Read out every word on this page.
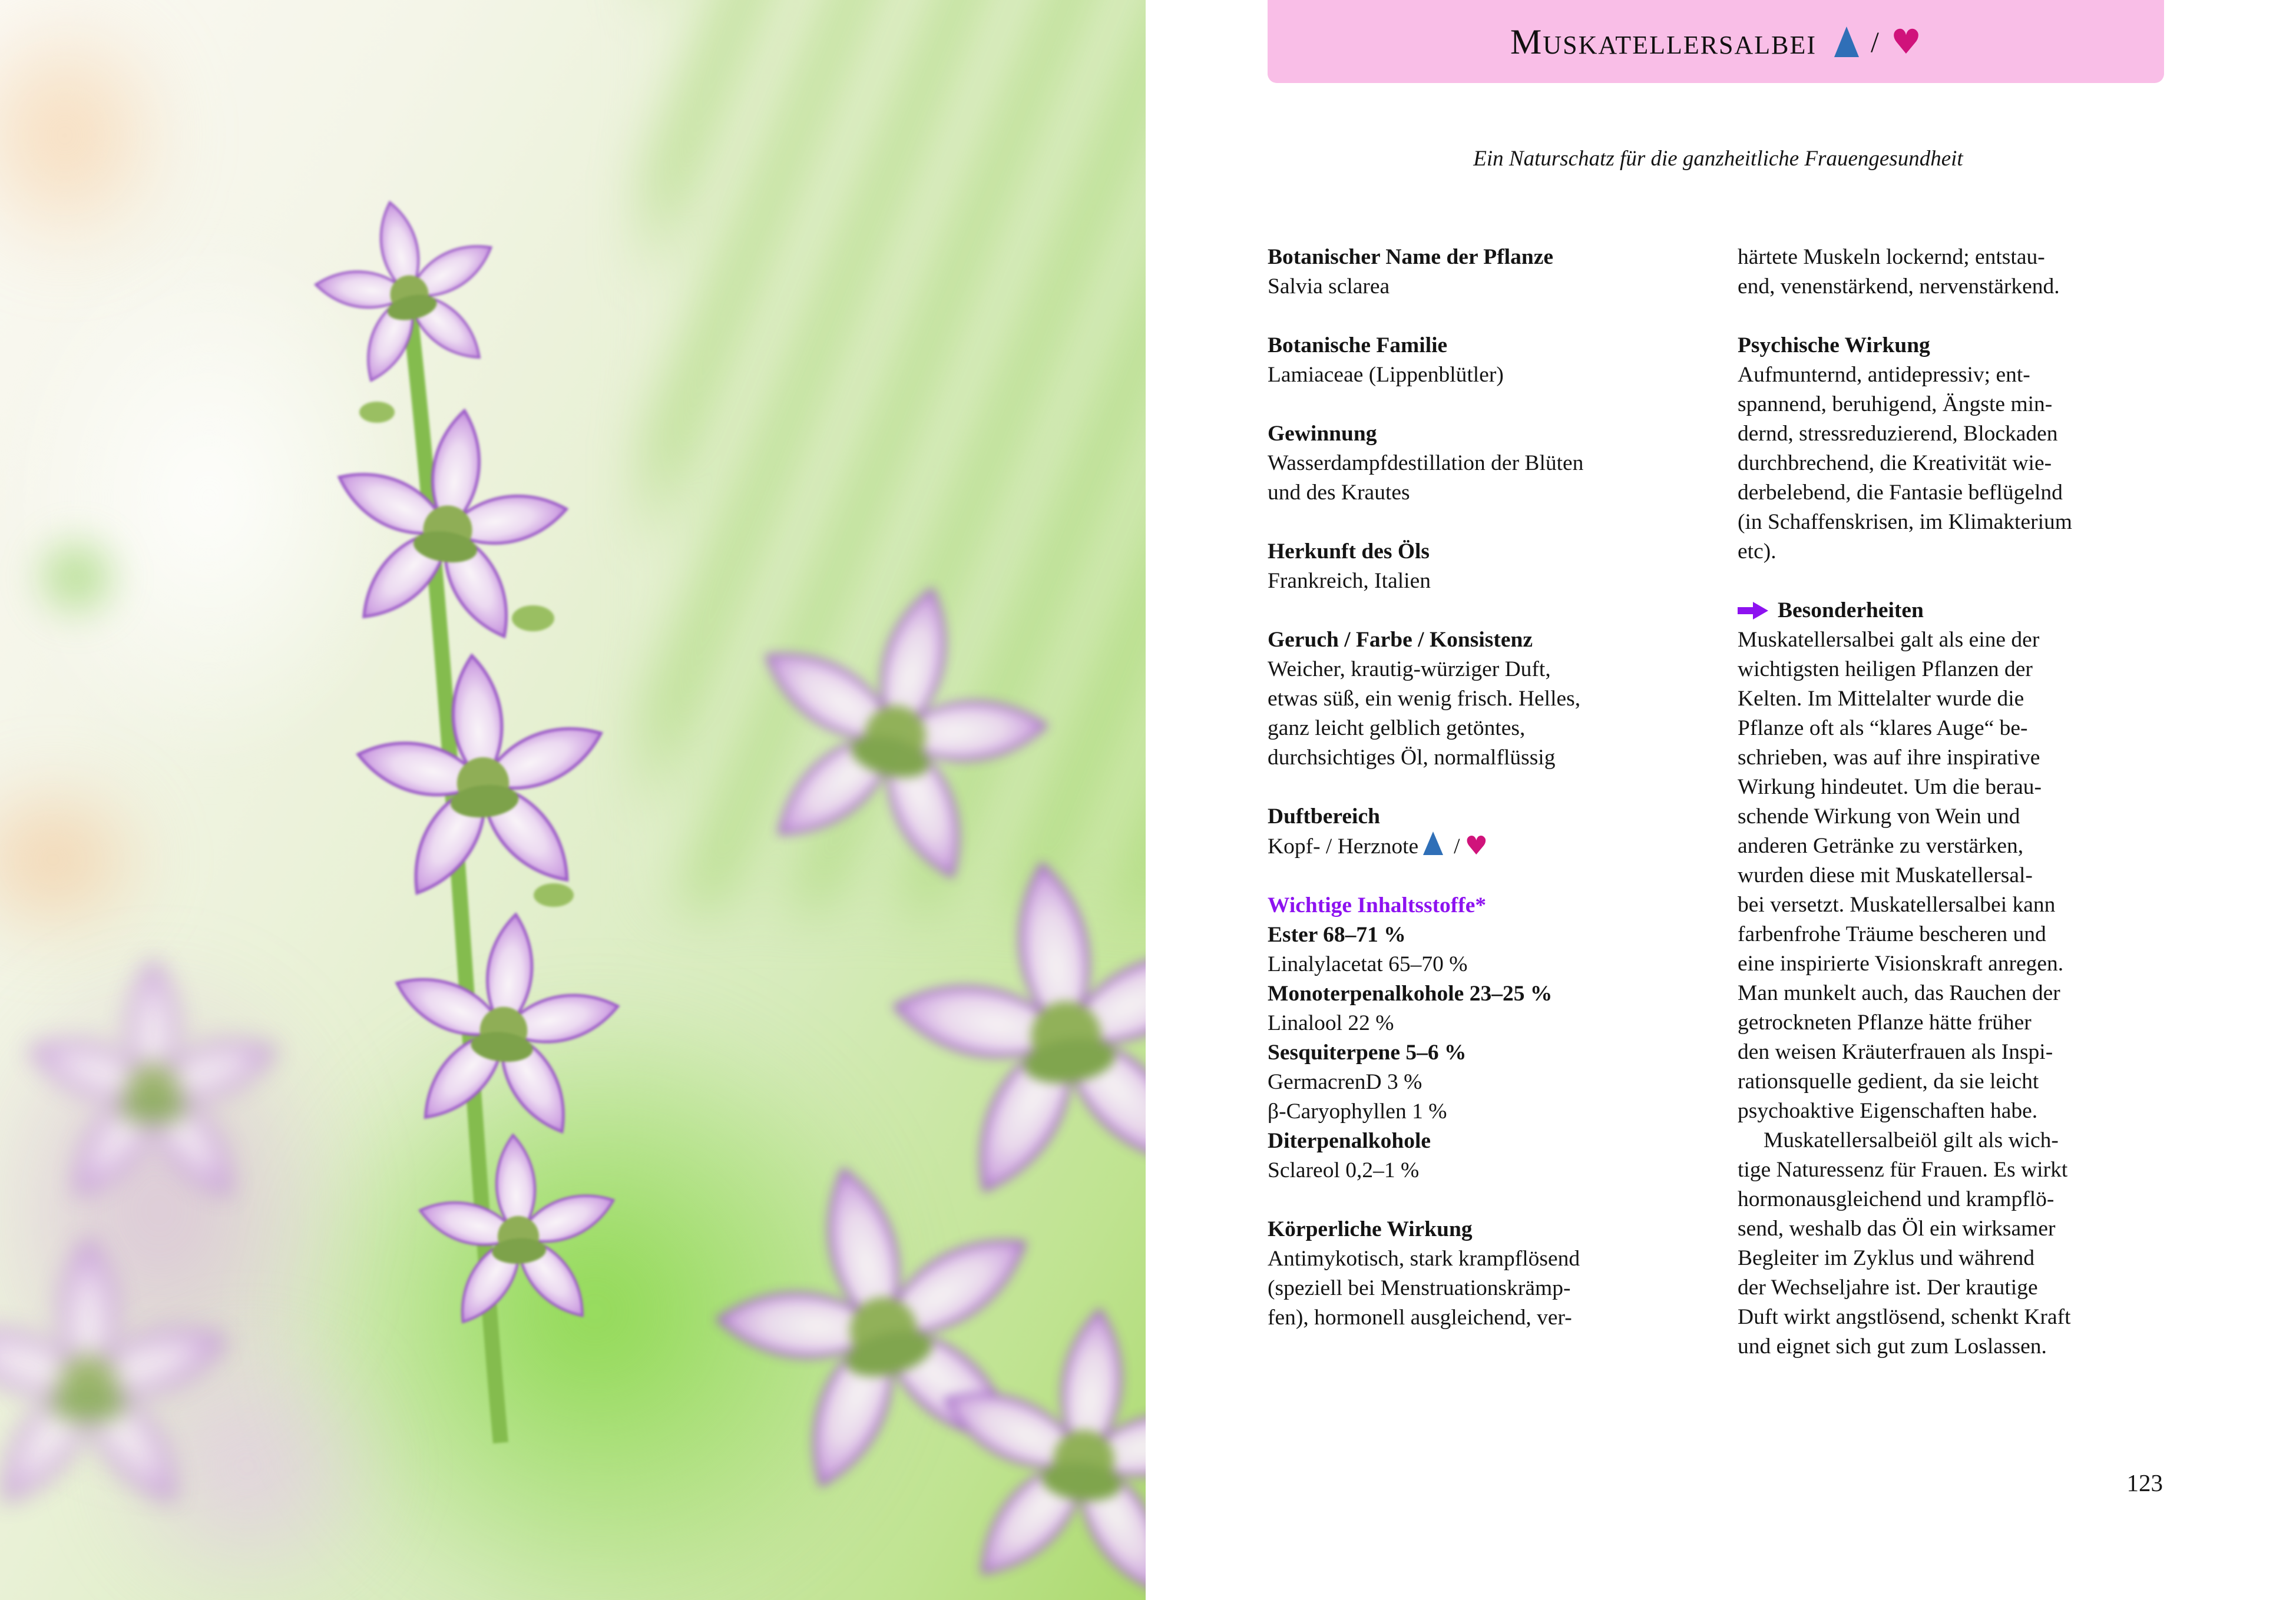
MUSKATELLERSALBEI / ♥
Ein Naturschatz für die ganzheitliche Frauengesundheit
Botanischer Name der Pflanze
Salvia sclarea
Botanische Familie
Lamiaceae (Lippenblütler)
Gewinnung
Wasserdampfdestillation der Blüten
und des Krautes
Herkunft des Öls
Frankreich, Italien
Geruch / Farbe / Konsistenz
Weicher, krautig-würziger Duft,
etwas süß, ein wenig frisch. Helles,
ganz leicht gelblich getöntes,
durchsichtiges Öl, normalflüssig
Duftbereich
Kopf- / Herznote / ♥
Wichtige Inhaltsstoffe*
Ester 68–71 %
Linalylacetat 65–70 %
Monoterpenalkohole 23–25 %
Linalool 22 %
Sesquiterpene 5–6 %
GermacrenD 3 %
β-Caryophyllen 1 %
Diterpenalkohole
Sclareol 0,2–1 %
Körperliche Wirkung
Antimykotisch, stark krampflösend
(speziell bei Menstruationskrämp-
fen), hormonell ausgleichend, ver-
härtete Muskeln lockernd; entstau-
end, venenstärkend, nervenstärkend.
Psychische Wirkung
Aufmunternd, antidepressiv; ent-
spannend, beruhigend, Ängste min-
dernd, stressreduzierend, Blockaden
durchbrechend, die Kreativität wie-
derbelebend, die Fantasie beflügelnd
(in Schaffenskrisen, im Klimakterium
etc).
Besonderheiten
Muskatellersalbei galt als eine der
wichtigsten heiligen Pflanzen der
Kelten. Im Mittelalter wurde die
Pflanze oft als “klares Auge“ be-
schrieben, was auf ihre inspirative
Wirkung hindeutet. Um die berau-
schende Wirkung von Wein und
anderen Getränke zu verstärken,
wurden diese mit Muskatellersal-
bei versetzt. Muskatellersalbei kann
farbenfrohe Träume bescheren und
eine inspirierte Visionskraft anregen.
Man munkelt auch, das Rauchen der
getrockneten Pflanze hätte früher
den weisen Kräuterfrauen als Inspi-
rationsquelle gedient, da sie leicht
psychoaktive Eigenschaften habe.
Muskatellersalbeiöl gilt als wich-
tige Naturessenz für Frauen. Es wirkt
hormonausgleichend und krampflö-
send, weshalb das Öl ein wirksamer
Begleiter im Zyklus und während
der Wechseljahre ist. Der krautige
Duft wirkt angstlösend, schenkt Kraft
und eignet sich gut zum Loslassen.
123
